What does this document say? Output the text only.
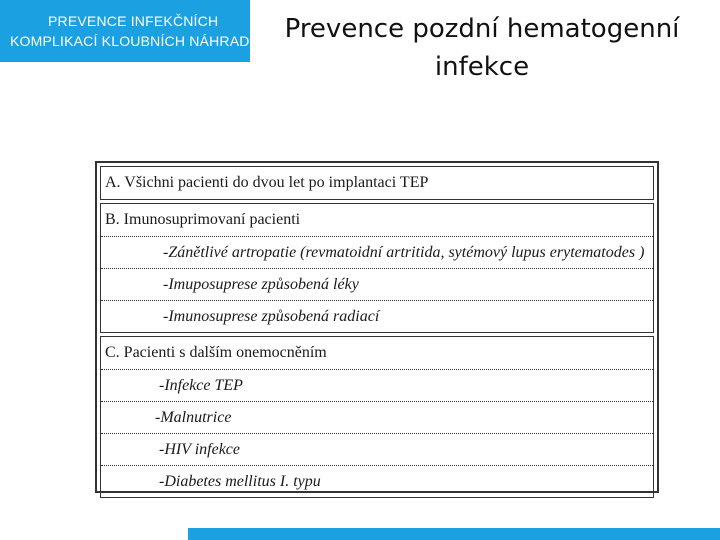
PREVENCE INFEKČNÍCH
KOMPLIKACÍ KLOUBNÍCH NÁHRAD	Prevence pozdní hematogenní
infekce
A. Všichni pacienti do dvou let po implantaci TEP
B. Imunosuprimovaní pacienti
-Zánětlivé artropatie (revmatoidní artritida, sytémový lupus erytematodes )
-Imuposuprese způsobená léky
-Imunosuprese způsobená radiací
C. Pacienti s dalším onemocněním
-Infekce TEP
-Malnutrice
-HIV infekce
-Diabetes mellitus I. typu
